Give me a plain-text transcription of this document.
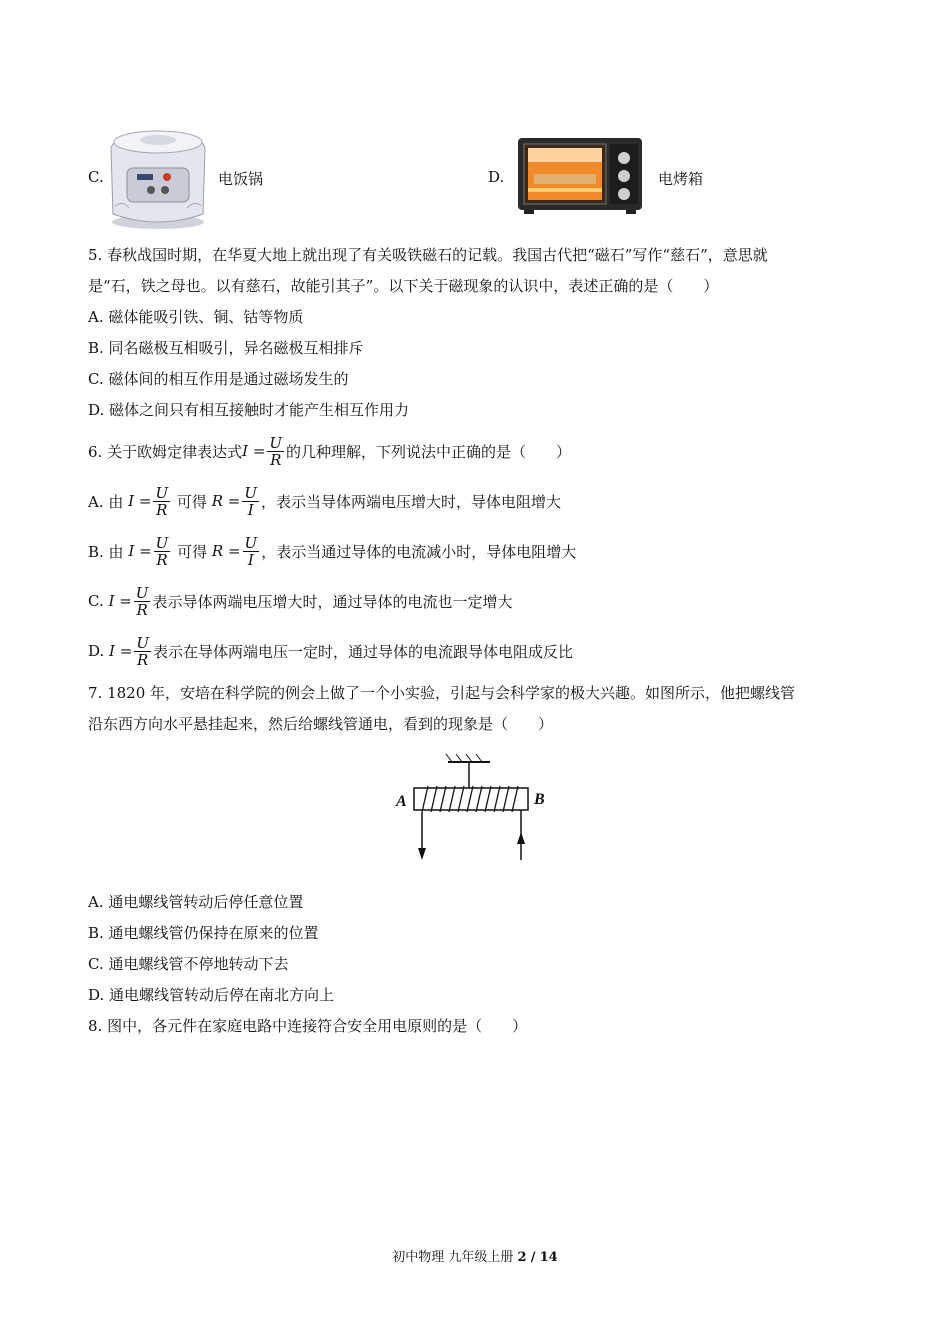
C.	电饭锅	D.	电烤箱
5. 春秋战国时期，在华夏大地上就出现了有关吸铁磁石的记载。我国古代把“磁石”写作“慈石”，意思就
是“石，铁之母也。以有慈石，故能引其子”。以下关于磁现象的认识中，表述正确的是（　　）
A. 磁体能吸引铁、铜、钴等物质
B. 同名磁极互相吸引，异名磁极互相排斥
C. 磁体间的相互作用是通过磁场发生的
D. 磁体之间只有相互接触时才能产生相互作用力
6. 关于欧姆定律表达式 I
= $\frac{U}{R}$ 的几种理解，下列说法中正确的是（　　）
A. 由
I
= $\frac{U}{R}$
可得
R
= $\frac{U}{I}$ ，表示当导体两端电压增大时，导体电阻增大
B. 由
I
= $\frac{U}{R}$
可得
R
= $\frac{U}{I}$ ，表示当通过导体的电流减小时，导体电阻增大
C.
I
= $\frac{U}{R}$ 表示导体两端电压增大时，通过导体的电流也一定增大
D.
I
= $\frac{U}{R}$ 表示在导体两端电压一定时，通过导体的电流跟导体电阻成反比
7. 1820 年，安培在科学院的例会上做了一个小实验，引起与会科学家的极大兴趣。如图所示，他把螺线管
沿东西方向水平悬挂起来，然后给螺线管通电，看到的现象是（　　）
A	B
A. 通电螺线管转动后停任意位置
B. 通电螺线管仍保持在原来的位置
C. 通电螺线管不停地转动下去
D. 通电螺线管转动后停在南北方向上
8. 图中，各元件在家庭电路中连接符合安全用电原则的是（　　）
初中物理 九年级上册 2 / 14
